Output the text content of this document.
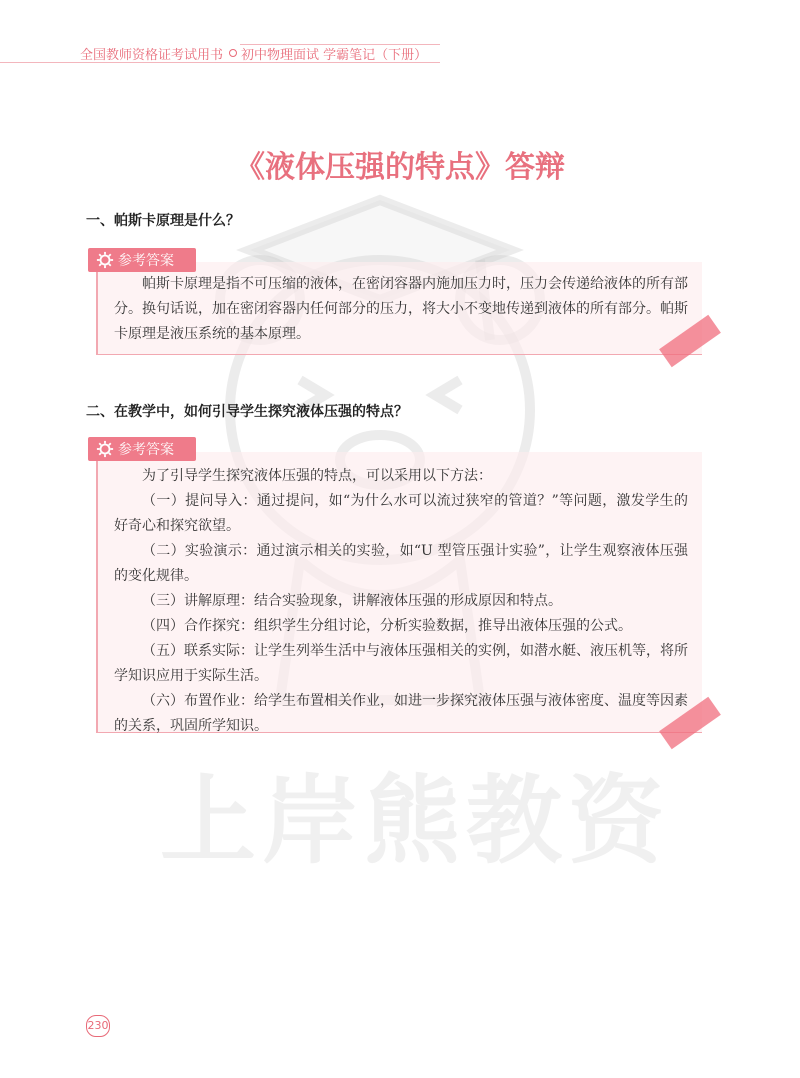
全国教师资格证考试用书	初中物理面试 学霸笔记（下册）
上岸熊教资
《液体压强的特点》答辩
一、帕斯卡原理是什么？
参考答案
帕斯卡原理是指不可压缩的液体，在密闭容器内施加压力时，压力会传递给液体的所有部分。换句话说，加在密闭容器内任何部分的压力，将大小不变地传递到液体的所有部分。帕斯卡原理是液压系统的基本原理。
二、在教学中，如何引导学生探究液体压强的特点？
参考答案
为了引导学生探究液体压强的特点，可以采用以下方法：
（一）提问导入：通过提问，如“为什么水可以流过狭窄的管道？”等问题，激发学生的好奇心和探究欲望。
（二）实验演示：通过演示相关的实验，如“U 型管压强计实验”，让学生观察液体压强的变化规律。
（三）讲解原理：结合实验现象，讲解液体压强的形成原因和特点。
（四）合作探究：组织学生分组讨论，分析实验数据，推导出液体压强的公式。
（五）联系实际：让学生列举生活中与液体压强相关的实例，如潜水艇、液压机等，将所学知识应用于实际生活。
（六）布置作业：给学生布置相关作业，如进一步探究液体压强与液体密度、温度等因素的关系，巩固所学知识。
230
